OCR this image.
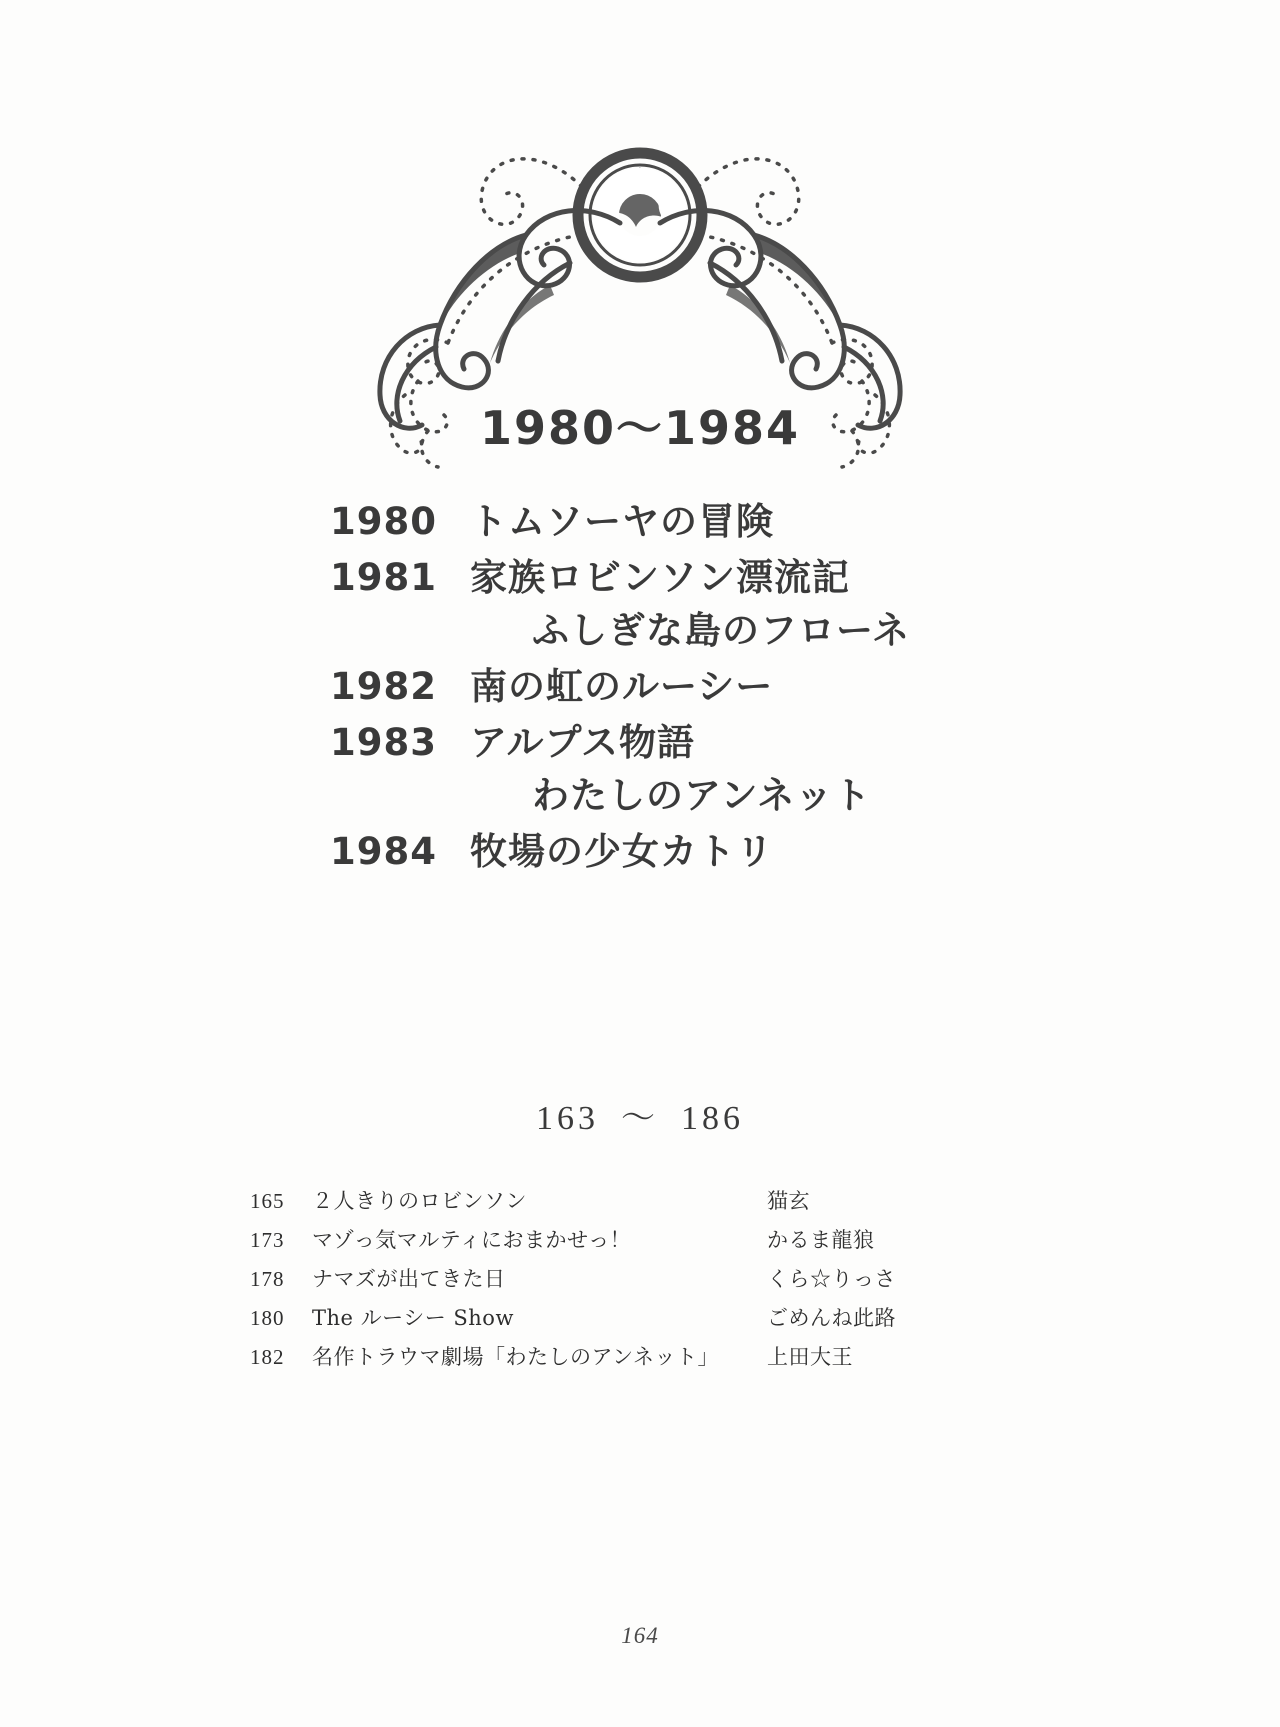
1980〜1984
1980 トムソーヤの冒険
1981 家族ロビンソン漂流記
ふしぎな島のフローネ
1982 南の虹のルーシー
1983 アルプス物語
わたしのアンネット
1984 牧場の少女カトリ
163 〜 186
165	２人きりのロビンソン	猫玄
173	マゾっ気マルティにおまかせっ！	かるま龍狼
178	ナマズが出てきた日	くら☆りっさ
180	The ルーシー Show	ごめんね此路
182	名作トラウマ劇場「わたしのアンネット」	上田大王
164
